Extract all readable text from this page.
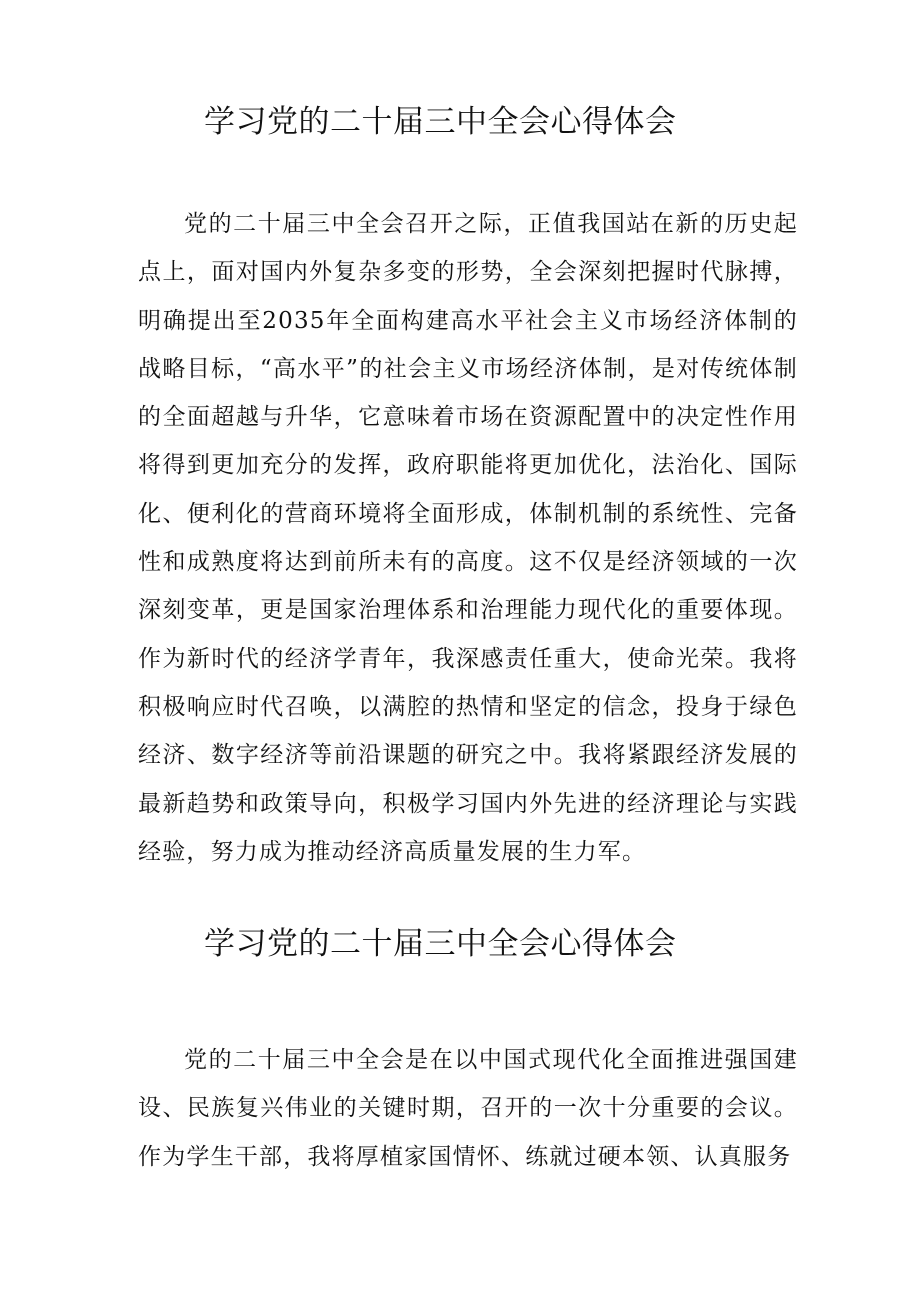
学习党的二十届三中全会心得体会

党的二十届三中全会召开之际，正值我国站在新的历史起点上，面对国内外复杂多变的形势，全会深刻把握时代脉搏，明确提出至2035年全面构建高水平社会主义市场经济体制的战略目标，“高水平”的社会主义市场经济体制，是对传统体制的全面超越与升华，它意味着市场在资源配置中的决定性作用将得到更加充分的发挥，政府职能将更加优化，法治化、国际化、便利化的营商环境将全面形成，体制机制的系统性、完备性和成熟度将达到前所未有的高度。这不仅是经济领域的一次深刻变革，更是国家治理体系和治理能力现代化的重要体现。作为新时代的经济学青年，我深感责任重大，使命光荣。我将积极响应时代召唤，以满腔的热情和坚定的信念，投身于绿色经济、数字经济等前沿课题的研究之中。我将紧跟经济发展的最新趋势和政策导向，积极学习国内外先进的经济理论与实践经验，努力成为推动经济高质量发展的生力军。

学习党的二十届三中全会心得体会

党的二十届三中全会是在以中国式现代化全面推进强国建设、民族复兴伟业的关键时期，召开的一次十分重要的会议。作为学生干部，我将厚植家国情怀、练就过硬本领、认真服务
